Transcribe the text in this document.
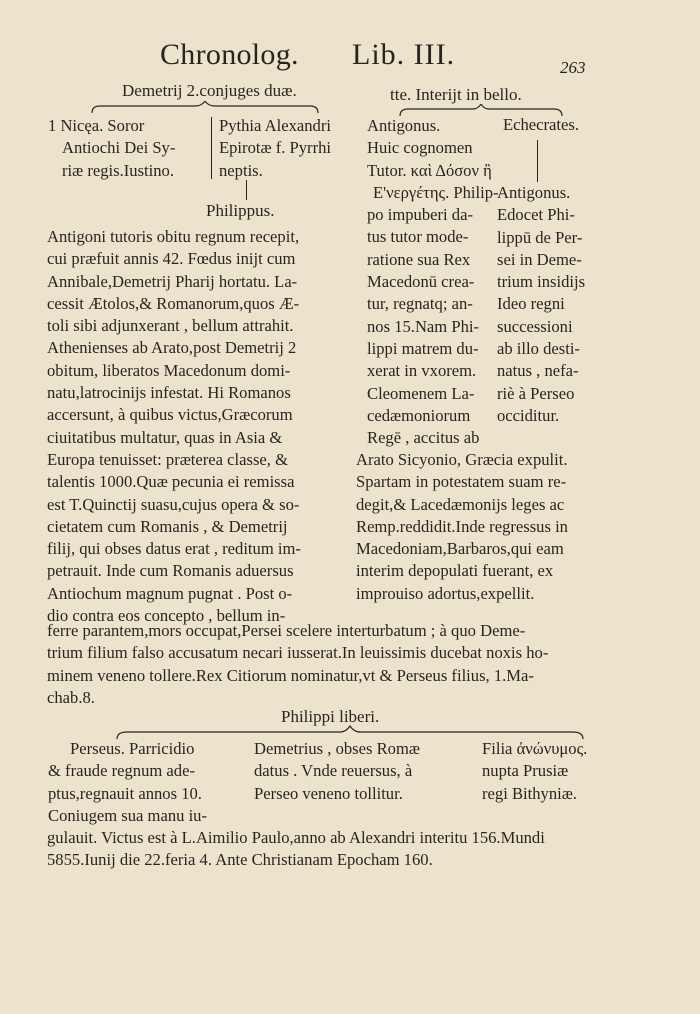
Chronolog. Lib. III.	263
Demetrij 2.conjuges duæ.
1 Nicęa. Soror
Antiochi Dei Sy-
riæ regis.Iustino.
Pythia Alexandri
Epirotæ f. Pyrrhi
neptis.
Philippus.
Antigoni tutoris obitu regnum recepit,
cui præfuit annis 42. Fœdus inijt cum
Annibale,Demetrij Pharij hortatu. La-
cessit Ætolos,& Romanorum,quos Æ-
toli sibi adjunxerant , bellum attrahit.
Athenienses ab Arato,post Demetrij 2
obitum, liberatos Macedonum domi-
natu,latrocinijs infestat. Hi Romanos
accersunt, à quibus victus,Græcorum
ciuitatibus multatur, quas in Asia &
Europa tenuisset: præterea classe, &
talentis 1000.Quæ pecunia ei remissa
est T.Quinctij suasu,cujus opera & so-
cietatem cum Romanis , & Demetrij
filij, qui obses datus erat , reditum im-
petrauit. Inde cum Romanis aduersus
Antiochum magnum pugnat . Post o-
dio contra eos concepto , bellum in-
tte. Interijt in bello.
Antigonus.
Huic cognomen
Tutor. καὶ Δόσον ἢ
Ε'νεργέτης. Philip-
po impuberi da-
tus tutor mode-
ratione sua Rex
Macedonū crea-
tur, regnatq; an-
nos 15.Nam Phi-
lippi matrem du-
xerat in vxorem.
Cleomenem La-
cedæmoniorum
Regē , accitus ab
Echecrates.
Antigonus.
Edocet Phi-
lippū de Per-
sei in Deme-
trium insidijs
Ideo regni
successioni
ab illo desti-
natus , nefa-
riè à Perseo
occiditur.
Arato Sicyonio, Græcia expulit.
Spartam in potestatem suam re-
degit,& Lacedæmonijs leges ac
Remp.reddidit.Inde regressus in
Macedoniam,Barbaros,qui eam
interim depopulati fuerant, ex
improuiso adortus,expellit.
ferre parantem,mors occupat,Persei scelere interturbatum ; à quo Deme-
trium filium falso accusatum necari iusserat.In leuissimis ducebat noxis ho-
minem veneno tollere.Rex Citiorum nominatur,vt & Perseus filius, 1.Ma-
chab.8.
Philippi liberi.
Perseus. Parricidio
& fraude regnum ade-
ptus,regnauit annos 10.
Coniugem sua manu iu-
Demetrius , obses Romæ
datus . Vnde reuersus, à
Perseo veneno tollitur.
Filia ἀνώνυμος.
nupta Prusiæ
regi Bithyniæ.
gulauit. Victus est à L.Aimilio Paulo,anno ab Alexandri interitu 156.Mundi
5855.Iunij die 22.feria 4. Ante Christianam Epocham 160.
